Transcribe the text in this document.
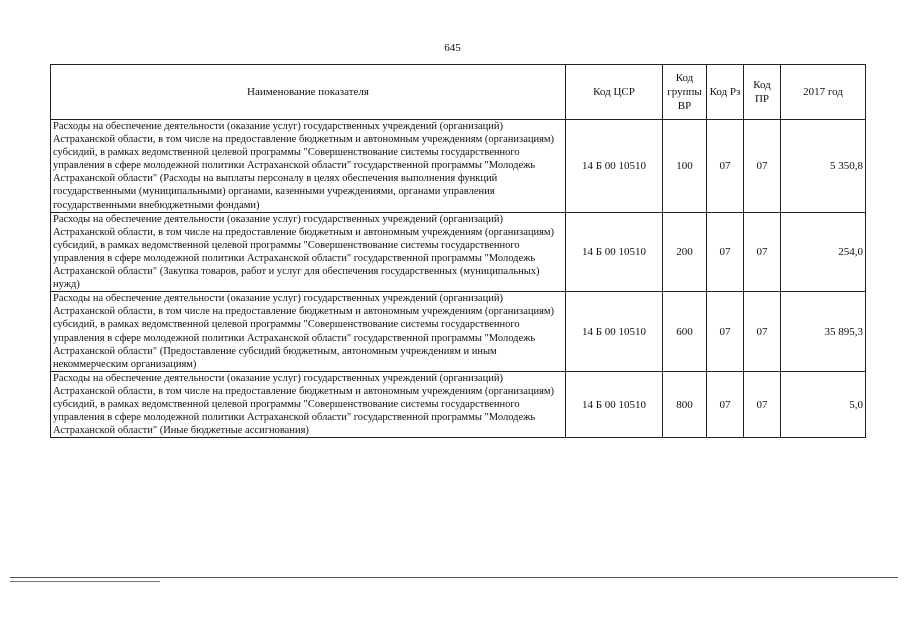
645
Наименование показателя	Код ЦСР	Код группы ВР	Код Рз	Код ПР	2017 год
Расходы на обеспечение деятельности (оказание услуг) государственных учреждений (организаций) Астраханской области, в том числе на предоставление бюджетным и автономным учреждениям (организациям) субсидий, в рамках ведомственной целевой программы "Совершенствование системы государственного управления в сфере молодежной политики Астраханской области" государственной программы "Молодежь Астраханской области" (Расходы на выплаты персоналу в целях обеспечения выполнения функций государственными (муниципальными) органами, казенными учреждениями, органами управления государственными внебюджетными фондами)	14 Б 00 10510	100	07	07	5 350,8
Расходы на обеспечение деятельности (оказание услуг) государственных учреждений (организаций) Астраханской области, в том числе на предоставление бюджетным и автономным учреждениям (организациям) субсидий, в рамках ведомственной целевой программы "Совершенствование системы государственного управления в сфере молодежной политики Астраханской области" государственной программы "Молодежь Астраханской области" (Закупка товаров, работ и услуг для обеспечения государственных (муниципальных) нужд)	14 Б 00 10510	200	07	07	254,0
Расходы на обеспечение деятельности (оказание услуг) государственных учреждений (организаций) Астраханской области, в том числе на предоставление бюджетным и автономным учреждениям (организациям) субсидий, в рамках ведомственной целевой программы "Совершенствование системы государственного управления в сфере молодежной политики Астраханской области" государственной программы "Молодежь Астраханской области" (Предоставление субсидий бюджетным, автономным учреждениям и иным некоммерческим организациям)	14 Б 00 10510	600	07	07	35 895,3
Расходы на обеспечение деятельности (оказание услуг) государственных учреждений (организаций) Астраханской области, в том числе на предоставление бюджетным и автономным учреждениям (организациям) субсидий, в рамках ведомственной целевой программы "Совершенствование системы государственного управления в сфере молодежной политики Астраханской области" государственной программы "Молодежь Астраханской области" (Иные бюджетные ассигнования)	14 Б 00 10510	800	07	07	5,0
